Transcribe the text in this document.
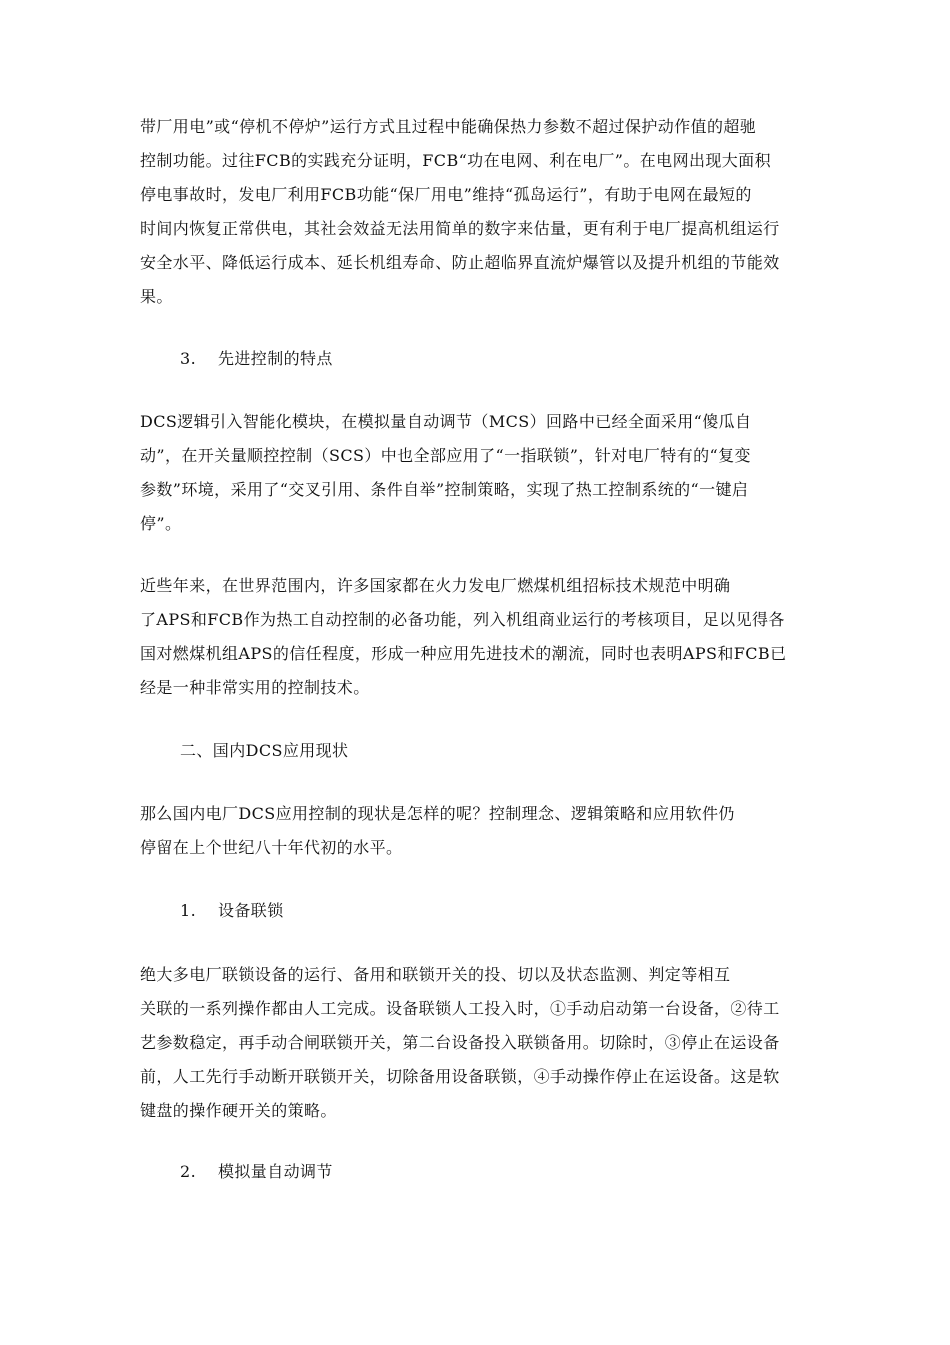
带厂用电”或“停机不停炉”运行方式且过程中能确保热力参数不超过保护动作值的超驰
控制功能。过往FCB的实践充分证明，FCB“功在电网、利在电厂”。在电网出现大面积
停电事故时，发电厂利用FCB功能“保厂用电”维持“孤岛运行”，有助于电网在最短的
时间内恢复正常供电，其社会效益无法用简单的数字来估量，更有利于电厂提高机组运行
安全水平、降低运行成本、延长机组寿命、防止超临界直流炉爆管以及提升机组的节能效
果。

3.    先进控制的特点

DCS逻辑引入智能化模块，在模拟量自动调节（MCS）回路中已经全面采用“傻瓜自
动”，在开关量顺控控制（SCS）中也全部应用了“一指联锁”，针对电厂特有的“复变
参数”环境，采用了“交叉引用、条件自举”控制策略，实现了热工控制系统的“一键启
停”。

近些年来，在世界范围内，许多国家都在火力发电厂燃煤机组招标技术规范中明确
了APS和FCB作为热工自动控制的必备功能，列入机组商业运行的考核项目，足以见得各
国对燃煤机组APS的信任程度，形成一种应用先进技术的潮流，同时也表明APS和FCB已
经是一种非常实用的控制技术。

二、国内DCS应用现状

那么国内电厂DCS应用控制的现状是怎样的呢？控制理念、逻辑策略和应用软件仍
停留在上个世纪八十年代初的水平。

1.    设备联锁

绝大多电厂联锁设备的运行、备用和联锁开关的投、切以及状态监测、判定等相互
关联的一系列操作都由人工完成。设备联锁人工投入时，①手动启动第一台设备，②待工
艺参数稳定，再手动合闸联锁开关，第二台设备投入联锁备用。切除时，③停止在运设备
前，人工先行手动断开联锁开关，切除备用设备联锁，④手动操作停止在运设备。这是软
键盘的操作硬开关的策略。

2.    模拟量自动调节
